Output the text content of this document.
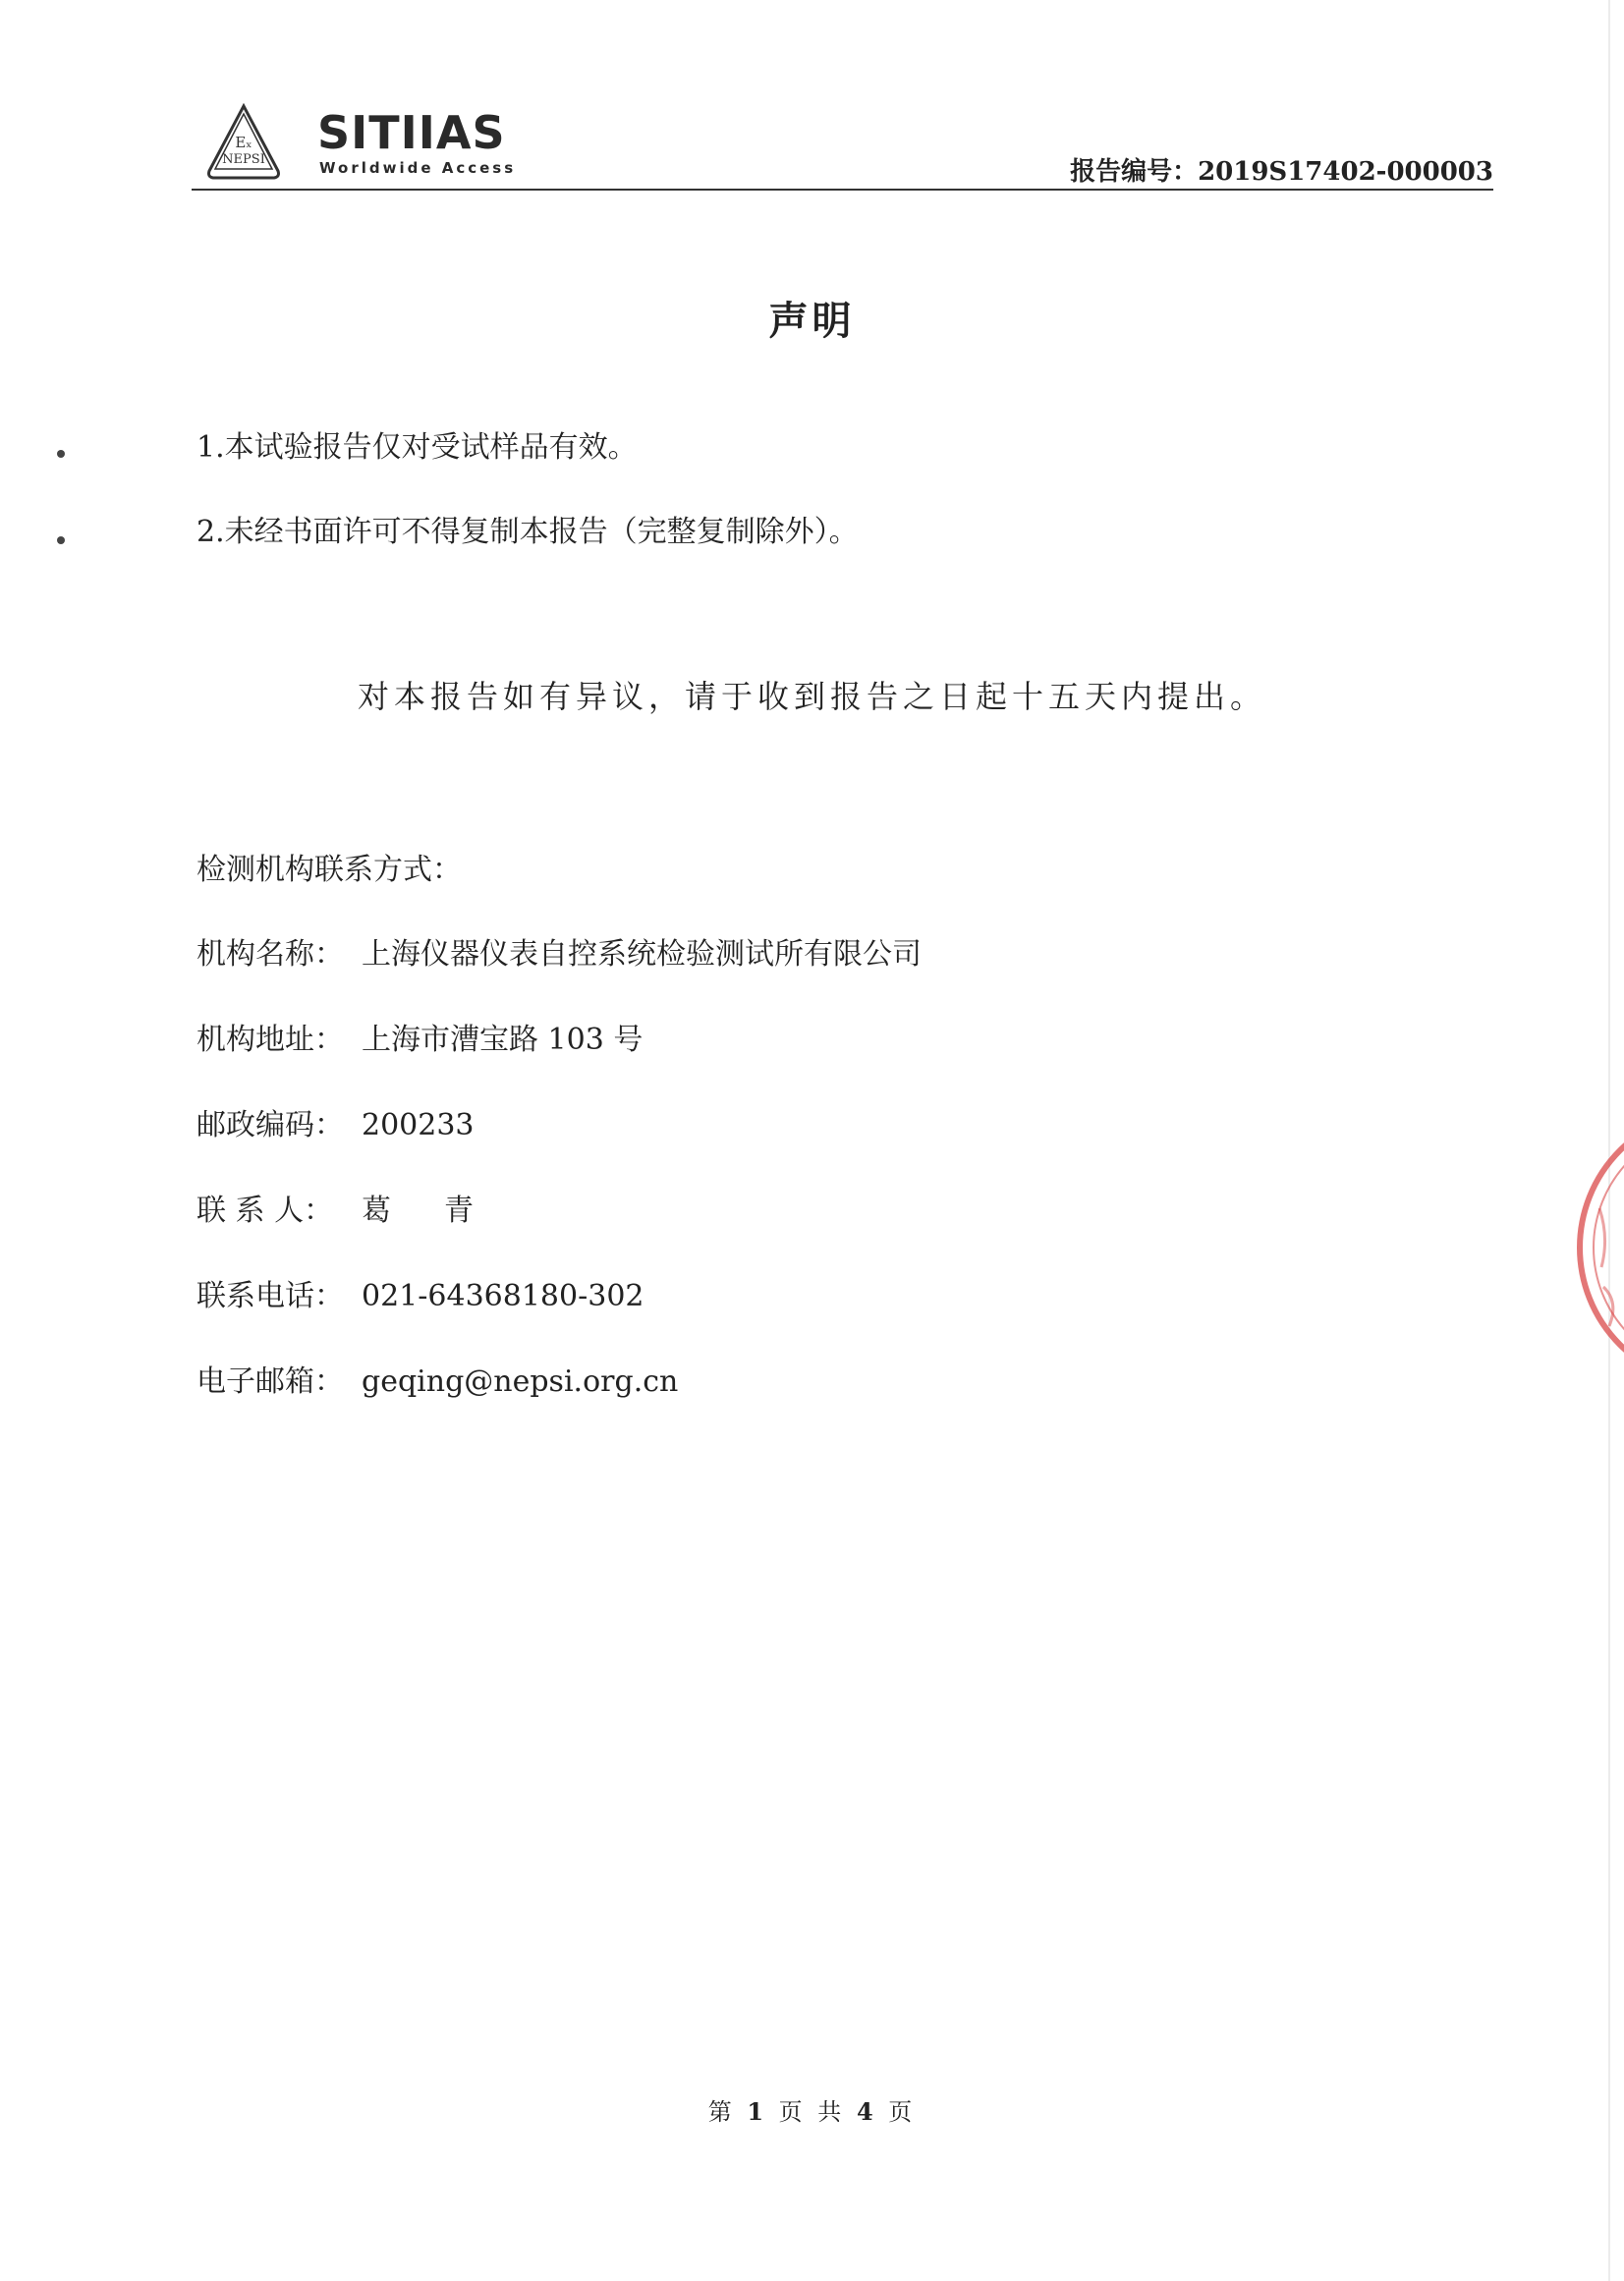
Eₓ
NEPSI
SITIIAS
Worldwide Access	报告编号：2019S17402-000003
声明
1.本试验报告仅对受试样品有效。
2.未经书面许可不得复制本报告（完整复制除外）。
对本报告如有异议，请于收到报告之日起十五天内提出。
检测机构联系方式：
机构名称： 上海仪器仪表自控系统检验测试所有限公司
机构地址： 上海市漕宝路 103 号
邮政编码： 200233
联 系 人： 葛　青
联系电话： 021-64368180-302
电子邮箱： geqing@nepsi.org.cn
第 1 页 共 4 页
